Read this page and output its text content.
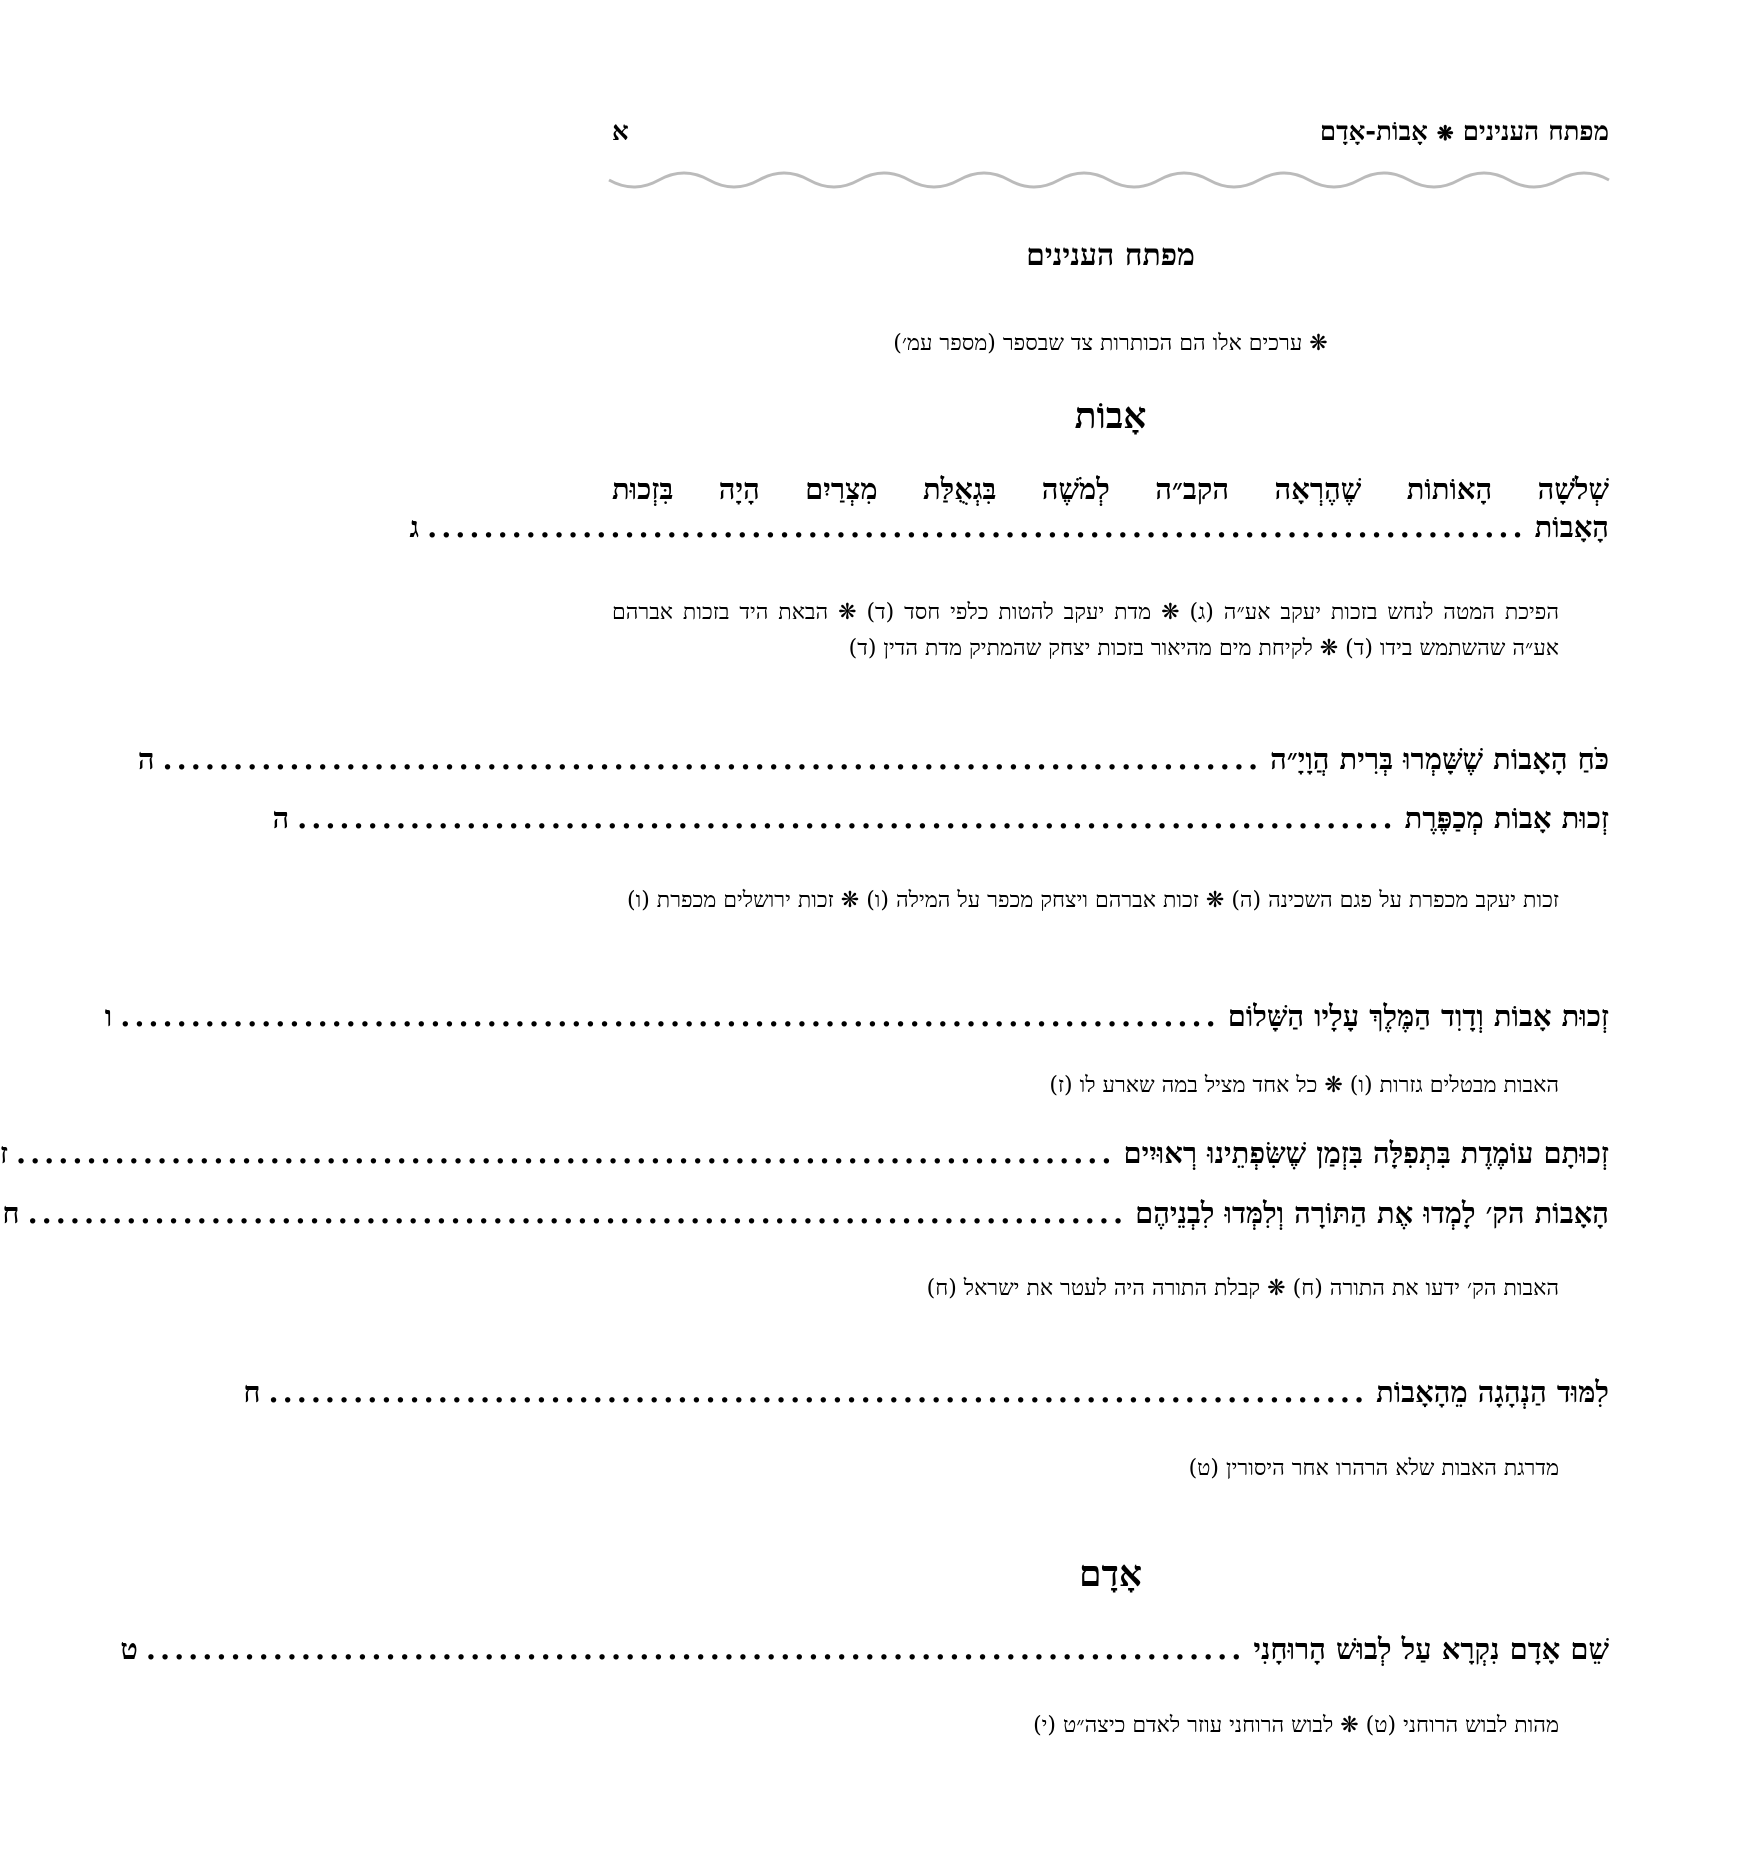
מפתח הענינים ❋ אָבוֹת-אָדָם
א
מפתח הענינים
❋ ערכים אלו הם הכותרות צד שבספר (מספר עמ׳)
אָבוֹת
שְׁלֹשָׁה הָאוֹתוֹת שֶׁהֶרְאָה הקב״ה לְמֹשֶׁה בִּגְאֻלַּת מִצְרַיִם הָיָה בִּזְכוּת
הָאָבוֹת
..............................................................................
ג
הפיכת המטה לנחש בזכות יעקב אע״ה (ג) ❋ מדת יעקב להטות כלפי חסד (ד) ❋ הבאת היד בזכות אברהם אע״ה שהשתמש בידו (ד) ❋ לקיחת מים מהיאור בזכות יצחק שהמתיק מדת הדין (ד)
כֹּחַ הָאָבוֹת שֶׁשָּׁמְרוּ בְּרִית הֲוָיָ״ה
..............................................................................
ה
זְכוּת אָבוֹת מְכַפֶּרֶת
..............................................................................
ה
זכות יעקב מכפרת על פגם השכינה (ה) ❋ זכות אברהם ויצחק מכפר על המילה (ו) ❋ זכות ירושלים מכפרת (ו)
זְכוּת אָבוֹת וְדָוִד הַמֶּלֶךְ עָלָיו הַשָּׁלוֹם
..............................................................................
ו
האבות מבטלים גזרות (ו) ❋ כל אחד מציל במה שארע לו (ז)
זְכוּתָם עוֹמֶדֶת בִּתְפִלָּה בִּזְמַן שֶׁשִּׂפְתֵינוּ רְאוּיִים
..............................................................................
ז
הָאָבוֹת הק׳ לָמְדוּ אֶת הַתּוֹרָה וְלִמְּדוּ לִבְנֵיהֶם
..............................................................................
ח
האבות הק׳ ידעו את התורה (ח) ❋ קבלת התורה היה לעטר את ישראל (ח)
לִמּוּד הַנְהָגָה מֵהָאָבוֹת
..............................................................................
ח
מדרגת האבות שלא הרהרו אחר היסורין (ט)
אָדָם
שֵׁם אָדָם נִקְרָא עַל לְבוּשׁ הָרוּחָנִי
..............................................................................
ט
מהות לבוש הרוחני (ט) ❋ לבוש הרוחני עוזר לאדם כיצה״ט (י)
